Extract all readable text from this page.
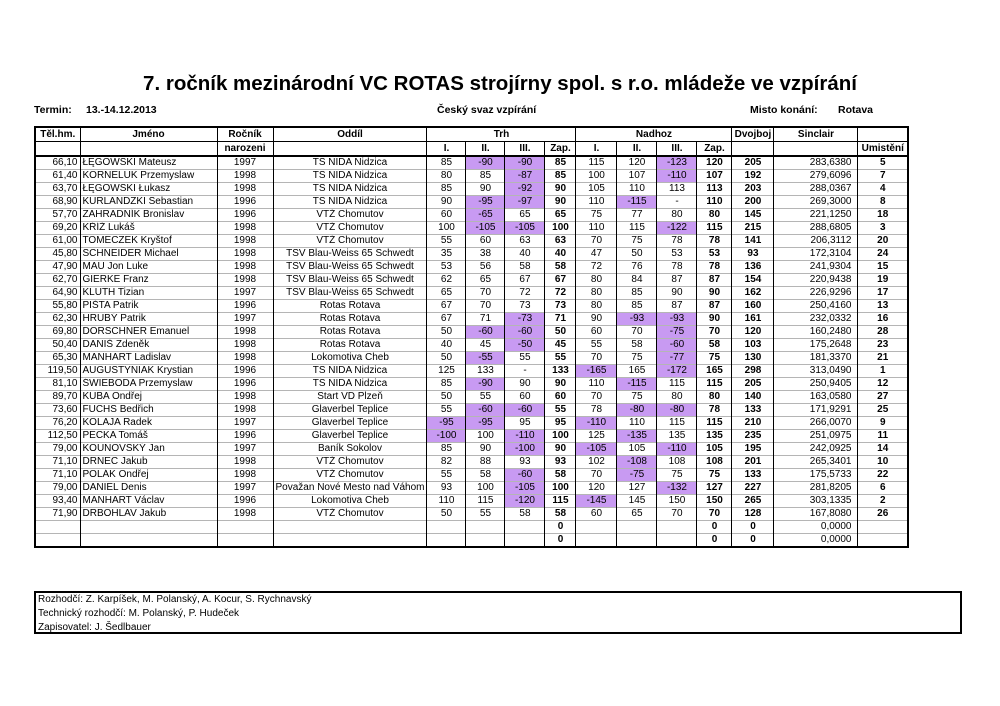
7. ročník mezinárodní VC ROTAS strojírny spol. s r.o. mládeže ve vzpírání
Termin: 13.-14.12.2013	Český svaz vzpírání	Misto konání: Rotava
Těl.hm.	Jméno	Ročník	Oddíl	Trh				Nadhoz				Dvojboj	Sinclair	
		narozeni		I.	II.	III.	Zap.	I.	II.	III.	Zap.			Umistění
66,10	ŁĘGOWSKI Mateusz	1997	TS NIDA Nidzica	85	-90	-90	85	115	120	-123	120	205	283,6380	5
61,40	KORNELUK Przemyslaw	1998	TS NIDA Nidzica	80	85	-87	85	100	107	-110	107	192	279,6096	7
63,70	ŁĘGOWSKI Łukasz	1998	TS NIDA Nidzica	85	90	-92	90	105	110	113	113	203	288,0367	4
68,90	KURLANDZKI Sebastian	1996	TS NIDA Nidzica	90	-95	-97	90	110	-115	-	110	200	269,3000	8
57,70	ZAHRADNÍK Bronislav	1996	VTŽ Chomutov	60	-65	65	65	75	77	80	80	145	221,1250	18
69,20	KŘÍŽ Lukáš	1998	VTŽ Chomutov	100	-105	-105	100	110	115	-122	115	215	288,6805	3
61,00	TOMECZEK Kryštof	1998	VTŽ Chomutov	55	60	63	63	70	75	78	78	141	206,3112	20
45,80	SCHNEIDER Michael	1998	TSV Blau-Weiss 65 Schwedt	35	38	40	40	47	50	53	53	93	172,3104	24
47,90	MAU Jon Luke	1998	TSV Blau-Weiss 65 Schwedt	53	56	58	58	72	76	78	78	136	241,9304	15
62,70	GIERKE Franz	1998	TSV Blau-Weiss 65 Schwedt	62	65	67	67	80	84	87	87	154	220,9438	19
64,90	KLUTH Tizian	1997	TSV Blau-Weiss 65 Schwedt	65	70	72	72	80	85	90	90	162	226,9296	17
55,80	PIŠTA Patrik	1996	Rotas Rotava	67	70	73	73	80	85	87	87	160	250,4160	13
62,30	HRUBÝ Patrik	1997	Rotas Rotava	67	71	-73	71	90	-93	-93	90	161	232,0332	16
69,80	DORSCHNER Emanuel	1998	Rotas Rotava	50	-60	-60	50	60	70	-75	70	120	160,2480	28
50,40	DANIŠ Zdeněk	1998	Rotas Rotava	40	45	-50	45	55	58	-60	58	103	175,2648	23
65,30	MANHART Ladislav	1998	Lokomotiva Cheb	50	-55	55	55	70	75	-77	75	130	181,3370	21
119,50	AUGUSTYNIAK Krystian	1996	TS NIDA Nidzica	125	133	-	133	-165	165	-172	165	298	313,0490	1
81,10	ŚWIEBODA Przemyslaw	1996	TS NIDA Nidzica	85	-90	90	90	110	-115	115	115	205	250,9405	12
89,70	KUBA Ondřej	1998	Start VD Plzeň	50	55	60	60	70	75	80	80	140	163,0580	27
73,60	FUCHS Bedřich	1998	Glaverbel Teplice	55	-60	-60	55	78	-80	-80	78	133	171,9291	25
76,20	KOLAJA Radek	1997	Glaverbel Teplice	-95	-95	95	95	-110	110	115	115	210	266,0070	9
112,50	PECKA Tomáš	1996	Glaverbel Teplice	-100	100	-110	100	125	-135	135	135	235	251,0975	11
79,00	KOUNOVSKÝ Jan	1997	Baník Sokolov	85	90	-100	90	-105	105	-110	105	195	242,0925	14
71,10	DRNEC Jakub	1998	VTŽ Chomutov	82	88	93	93	102	-108	108	108	201	265,3401	10
71,10	POLÁK Ondřej	1998	VTŽ Chomutov	55	58	-60	58	70	-75	75	75	133	175,5733	22
79,00	DANIEL Denis	1997	Považan Nové Mesto nad Váhom	93	100	-105	100	120	127	-132	127	227	281,8205	6
93,40	MANHART Václav	1996	Lokomotiva Cheb	110	115	-120	115	-145	145	150	150	265	303,1335	2
71,90	DRBOHLAV Jakub	1998	VTŽ Chomutov	50	55	58	58	60	65	70	70	128	167,8080	26
							0				0	0	0,0000	
							0				0	0	0,0000	
Rozhodčí: Z. Karpíšek, M. Polanský, A. Kocur, S. Rychnavský
Technický rozhodčí: M. Polanský, P. Hudeček
Zapisovatel: J. Šedlbauer
